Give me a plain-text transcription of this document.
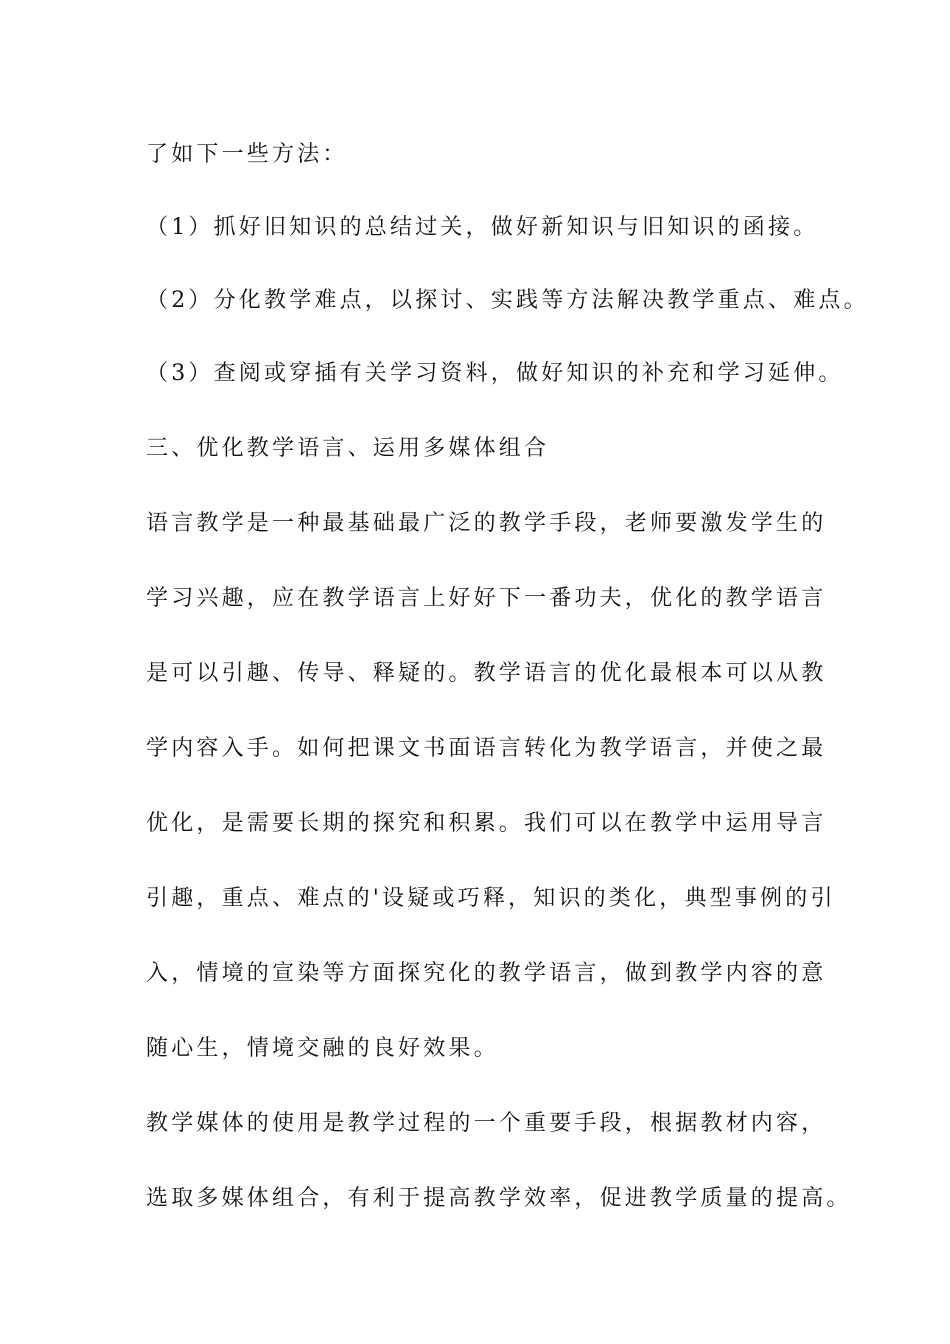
了如下一些方法：
（1）抓好旧知识的总结过关，做好新知识与旧知识的函接。
（2）分化教学难点，以探讨、实践等方法解决教学重点、难点。
（3）查阅或穿插有关学习资料，做好知识的补充和学习延伸。
三、优化教学语言、运用多媒体组合
语言教学是一种最基础最广泛的教学手段，老师要激发学生的
学习兴趣，应在教学语言上好好下一番功夫，优化的教学语言
是可以引趣、传导、释疑的。教学语言的优化最根本可以从教
学内容入手。如何把课文书面语言转化为教学语言，并使之最
优化，是需要长期的探究和积累。我们可以在教学中运用导言
引趣，重点、难点的'设疑或巧释，知识的类化，典型事例的引
入，情境的宣染等方面探究化的教学语言，做到教学内容的意
随心生，情境交融的良好效果。
教学媒体的使用是教学过程的一个重要手段，根据教材内容，
选取多媒体组合，有利于提高教学效率，促进教学质量的提高。
